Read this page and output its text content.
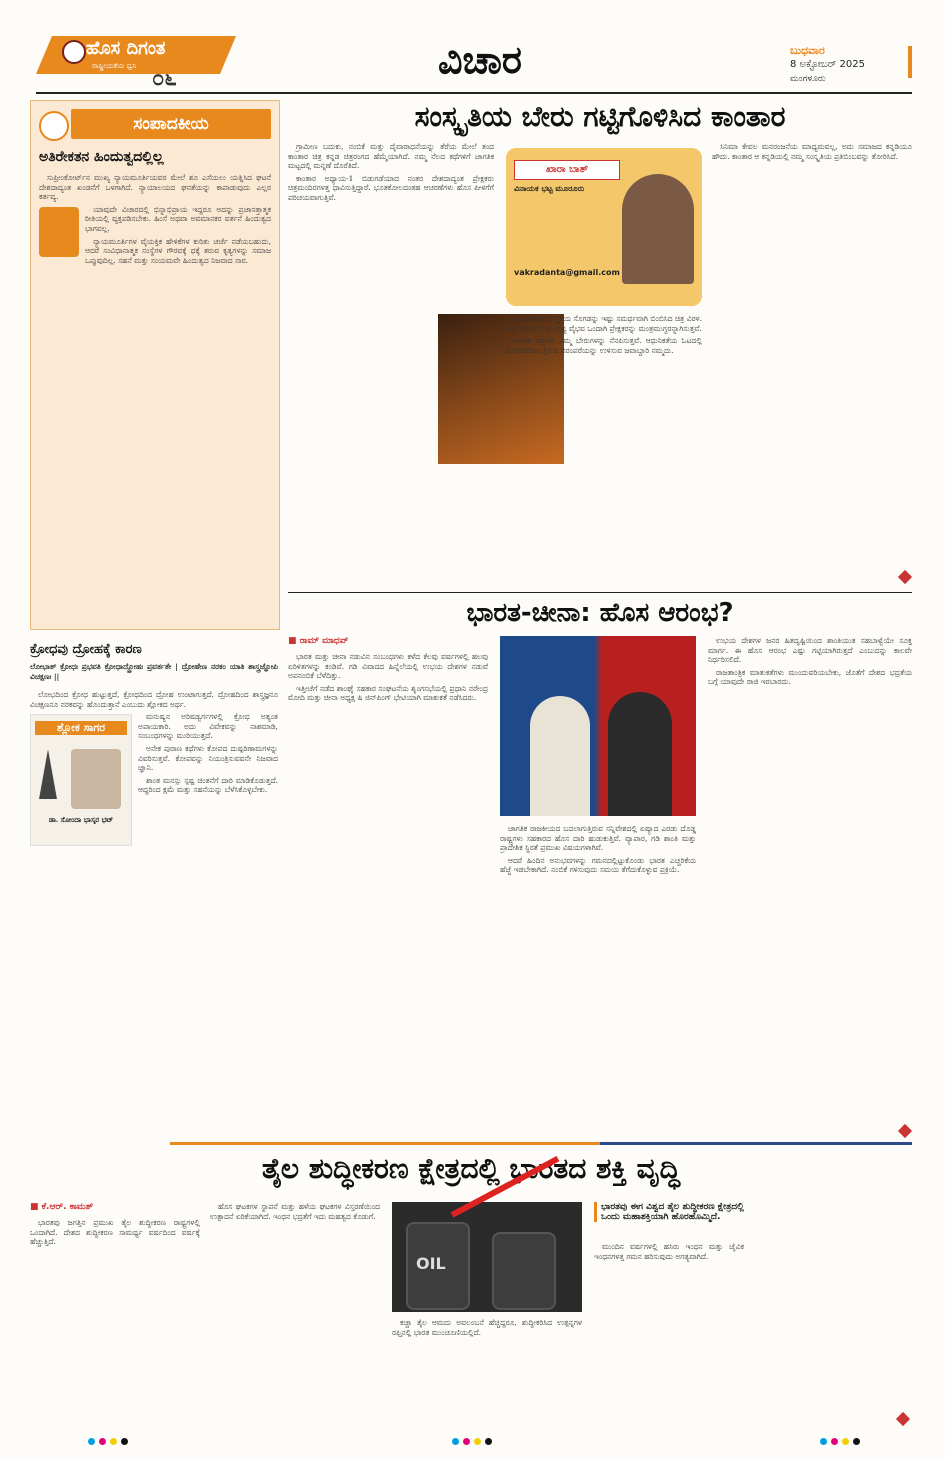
ಹೊಸ ದಿಗಂತ
ರಾಷ್ಟ್ರೀಯತೆಯ ಧ್ವನಿ ೦೬	ವಿಚಾರ	ಬುಧವಾರ
8 ಅಕ್ಟೋಬರ್ 2025
ಮಂಗಳೂರು
ಸಂಪಾದಕೀಯ
ಅತಿರೇಕತನ ಹಿಂದುತ್ವದಲ್ಲಿಲ್ಲ

ಸುಪ್ರೀಂಕೋರ್ಟ್‌ನ ಮುಖ್ಯ ನ್ಯಾಯಮೂರ್ತಿಯವರ ಮೇಲೆ ಶೂ ಎಸೆಯಲು ಯತ್ನಿಸಿದ ಘಟನೆ ದೇಶದಾದ್ಯಂತ ಖಂಡನೆಗೆ ಒಳಗಾಗಿದೆ. ನ್ಯಾಯಾಲಯದ ಘನತೆಯನ್ನು ಕಾಪಾಡುವುದು ಎಲ್ಲರ ಕರ್ತವ್ಯ.

ಯಾವುದೇ ವಿಚಾರದಲ್ಲಿ ಭಿನ್ನಾಭಿಪ್ರಾಯ ಇದ್ದರೂ ಅದನ್ನು ಪ್ರಜಾಸತ್ತಾತ್ಮಕ ರೀತಿಯಲ್ಲಿ ವ್ಯಕ್ತಪಡಿಸಬೇಕು. ಹಿಂಸೆ ಅಥವಾ ಅವಮಾನಕರ ವರ್ತನೆ ಹಿಂದುತ್ವದ ಭಾಗವಲ್ಲ.

ನ್ಯಾಯಮೂರ್ತಿಗಳ ವೈಯಕ್ತಿಕ ಹೇಳಿಕೆಗಳ ಕುರಿತು ಚರ್ಚೆ ನಡೆಯಬಹುದು, ಆದರೆ ಸಂವಿಧಾನಾತ್ಮಕ ಸಂಸ್ಥೆಗಳ ಗೌರವಕ್ಕೆ ಧಕ್ಕೆ ತರುವ ಕೃತ್ಯಗಳನ್ನು ಸಮಾಜ ಒಪ್ಪುವುದಿಲ್ಲ. ಸಹನೆ ಮತ್ತು ಸಂಯಮವೇ ಹಿಂದುತ್ವದ ನಿಜವಾದ ಸಾರ.

ಕ್ರೋಧವು ದ್ರೋಹಕ್ಕೆ ಕಾರಣ
ಲೋಭಾತ್ ಕ್ರೋಧಃ ಪ್ರಭವತಿ ಕ್ರೋಧಾದ್ದ್ರೋಹಃ ಪ್ರವರ್ತತೇ | ದ್ರೋಹೇಣ ನರಕಂ ಯಾತಿ ಶಾಸ್ತ್ರಜ್ಞೋಪಿ ವಿಚಕ್ಷಣಃ ||

ಲೋಭದಿಂದ ಕ್ರೋಧ ಹುಟ್ಟುತ್ತದೆ, ಕ್ರೋಧದಿಂದ ದ್ರೋಹ ಉಂಟಾಗುತ್ತದೆ. ದ್ರೋಹದಿಂದ ಶಾಸ್ತ್ರಜ್ಞನೂ ವಿಚಕ್ಷಣನೂ ನರಕವನ್ನು ಹೊಂದುತ್ತಾನೆ ಎಂಬುದು ಶ್ಲೋಕದ ಅರ್ಥ.

ಶ್ಲೋಕ ಸಾಗರ
ಡಾ. ಸೋಂದಾ ಭಾಸ್ಕರ ಭಟ್

ಮನುಷ್ಯನ ಅರಿಷಡ್ವರ್ಗಗಳಲ್ಲಿ ಕ್ರೋಧ ಅತ್ಯಂತ ಅಪಾಯಕಾರಿ. ಅದು ವಿವೇಕವನ್ನು ನಾಶಮಾಡಿ, ಸಂಬಂಧಗಳನ್ನು ಮುರಿಯುತ್ತದೆ.

ಅನೇಕ ಪುರಾಣ ಕಥೆಗಳು ಕೋಪದ ದುಷ್ಪರಿಣಾಮಗಳನ್ನು ವಿವರಿಸುತ್ತವೆ. ಕೋಪವನ್ನು ನಿಯಂತ್ರಿಸುವವನೇ ನಿಜವಾದ ಜ್ಞಾನಿ.

ಶಾಂತ ಮನಸ್ಸು ಸ್ಪಷ್ಟ ಚಿಂತನೆಗೆ ದಾರಿ ಮಾಡಿಕೊಡುತ್ತದೆ. ಆದ್ದರಿಂದ ಕ್ಷಮೆ ಮತ್ತು ಸಹನೆಯನ್ನು ಬೆಳೆಸಿಕೊಳ್ಳಬೇಕು.

ಸಂಸ್ಕೃತಿಯ ಬೇರು ಗಟ್ಟಿಗೊಳಿಸಿದ ಕಾಂತಾರ

ಗ್ರಾಮೀಣ ಬದುಕು, ನಂಬಿಕೆ ಮತ್ತು ದೈವಾರಾಧನೆಯನ್ನು ತೆರೆಯ ಮೇಲೆ ತಂದ ಕಾಂತಾರ ಚಿತ್ರ ಕನ್ನಡ ಚಿತ್ರರಂಗದ ಹೆಮ್ಮೆಯಾಗಿದೆ. ನಮ್ಮ ನೆಲದ ಕಥೆಗಳಿಗೆ ಜಾಗತಿಕ ಮಟ್ಟದಲ್ಲಿ ಮನ್ನಣೆ ದೊರೆತಿದೆ.

ಕಾಂತಾರ ಅಧ್ಯಾಯ-1 ಬಿಡುಗಡೆಯಾದ ನಂತರ ದೇಶದಾದ್ಯಂತ ಪ್ರೇಕ್ಷಕರು ಚಿತ್ರಮಂದಿರಗಳತ್ತ ಧಾವಿಸುತ್ತಿದ್ದಾರೆ. ಭೂತಕೋಲದಂತಹ ಆಚರಣೆಗಳು ಹೊಸ ಪೀಳಿಗೆಗೆ ಪರಿಚಯವಾಗುತ್ತಿವೆ.

ಖಾರಾ ಬಾತ್
ವಿನಾಯಕ ಭಟ್ಟ ಮೂರೂರು
vakradanta@gmail.com

ತುಳುನಾಡಿನ ಸಂಸ್ಕೃತಿಯ ಸೊಗಡನ್ನು ಇಷ್ಟು ಸಮರ್ಥವಾಗಿ ಬಿಂಬಿಸಿದ ಚಿತ್ರ ವಿರಳ. ಕಲೆ, ಸಂಗೀತ ಮತ್ತು ದೃಶ್ಯ ವೈಭವ ಒಂದಾಗಿ ಪ್ರೇಕ್ಷಕರನ್ನು ಮಂತ್ರಮುಗ್ಧರನ್ನಾಗಿಸುತ್ತವೆ.

ಇಂತಹ ಚಿತ್ರಗಳು ನಮ್ಮ ಬೇರುಗಳನ್ನು ನೆನಪಿಸುತ್ತವೆ. ಆಧುನಿಕತೆಯ ಓಟದಲ್ಲಿ ಮರೆತುಹೋಗುತ್ತಿರುವ ಪರಂಪರೆಯನ್ನು ಉಳಿಸುವ ಜವಾಬ್ದಾರಿ ನಮ್ಮದು.

ಸಿನಿಮಾ ಕೇವಲ ಮನರಂಜನೆಯ ಮಾಧ್ಯಮವಲ್ಲ, ಅದು ಸಮಾಜದ ಕನ್ನಡಿಯೂ ಹೌದು. ಕಾಂತಾರ ಆ ಕನ್ನಡಿಯಲ್ಲಿ ನಮ್ಮ ಸಂಸ್ಕೃತಿಯ ಪ್ರತಿಬಿಂಬವನ್ನು ತೋರಿಸಿದೆ.

ಭಾರತ-ಚೀನಾ: ಹೊಸ ಆರಂಭ?
■ ರಾಮ್ ಮಾಧವ್

ಭಾರತ ಮತ್ತು ಚೀನಾ ನಡುವಿನ ಸಂಬಂಧಗಳು ಕಳೆದ ಕೆಲವು ವರ್ಷಗಳಲ್ಲಿ ಹಲವು ಏರಿಳಿತಗಳನ್ನು ಕಂಡಿವೆ. ಗಡಿ ವಿವಾದದ ಹಿನ್ನೆಲೆಯಲ್ಲಿ ಉಭಯ ದೇಶಗಳ ನಡುವೆ ಅಪನಂಬಿಕೆ ಬೆಳೆದಿತ್ತು.

ಇತ್ತೀಚೆಗೆ ನಡೆದ ಶಾಂಘೈ ಸಹಕಾರ ಸಂಘಟನೆಯ ಶೃಂಗಸಭೆಯಲ್ಲಿ ಪ್ರಧಾನಿ ನರೇಂದ್ರ ಮೋದಿ ಮತ್ತು ಚೀನಾ ಅಧ್ಯಕ್ಷ ಷಿ ಜಿನ್‌ಪಿಂಗ್ ಭೇಟಿಯಾಗಿ ಮಾತುಕತೆ ನಡೆಸಿದರು.

ಜಾಗತಿಕ ರಾಜಕೀಯದ ಬದಲಾಗುತ್ತಿರುವ ಸನ್ನಿವೇಶದಲ್ಲಿ ಏಷ್ಯಾದ ಎರಡು ದೊಡ್ಡ ರಾಷ್ಟ್ರಗಳು ಸಹಕಾರದ ಹೊಸ ದಾರಿ ಹುಡುಕುತ್ತಿವೆ. ವ್ಯಾಪಾರ, ಗಡಿ ಶಾಂತಿ ಮತ್ತು ಪ್ರಾದೇಶಿಕ ಸ್ಥಿರತೆ ಪ್ರಮುಖ ವಿಷಯಗಳಾಗಿವೆ.

ಆದರೆ ಹಿಂದಿನ ಅನುಭವಗಳನ್ನು ಗಮನದಲ್ಲಿಟ್ಟುಕೊಂಡು ಭಾರತ ಎಚ್ಚರಿಕೆಯ ಹೆಜ್ಜೆ ಇಡಬೇಕಾಗಿದೆ. ನಂಬಿಕೆ ಗಳಿಸುವುದು ಸಮಯ ತೆಗೆದುಕೊಳ್ಳುವ ಪ್ರಕ್ರಿಯೆ.

ಉಭಯ ದೇಶಗಳ ಜನರ ಹಿತದೃಷ್ಟಿಯಿಂದ ಶಾಂತಿಯುತ ಸಹಬಾಳ್ವೆಯೇ ಸೂಕ್ತ ಮಾರ್ಗ. ಈ ಹೊಸ ಆರಂಭ ಎಷ್ಟು ಗಟ್ಟಿಯಾಗಿರುತ್ತದೆ ಎಂಬುದನ್ನು ಕಾಲವೇ ನಿರ್ಧರಿಸಲಿದೆ.

ರಾಜತಾಂತ್ರಿಕ ಮಾತುಕತೆಗಳು ಮುಂದುವರಿಯಬೇಕು, ಜೊತೆಗೆ ದೇಶದ ಭದ್ರತೆಯ ಬಗ್ಗೆ ಯಾವುದೇ ರಾಜಿ ಇರಬಾರದು.

ತೈಲ ಶುದ್ಧೀಕರಣ ಕ್ಷೇತ್ರದಲ್ಲಿ ಭಾರತದ ಶಕ್ತಿ ವೃದ್ಧಿ
■ ಕೆ.ಆರ್. ಕಾಮತ್

ಭಾರತವು ಜಗತ್ತಿನ ಪ್ರಮುಖ ತೈಲ ಶುದ್ಧೀಕರಣ ರಾಷ್ಟ್ರಗಳಲ್ಲಿ ಒಂದಾಗಿದೆ. ದೇಶದ ಶುದ್ಧೀಕರಣ ಸಾಮರ್ಥ್ಯ ವರ್ಷದಿಂದ ವರ್ಷಕ್ಕೆ ಹೆಚ್ಚುತ್ತಿದೆ.

ಹೊಸ ಘಟಕಗಳ ಸ್ಥಾಪನೆ ಮತ್ತು ಹಳೆಯ ಘಟಕಗಳ ವಿಸ್ತರಣೆಯಿಂದ ಉತ್ಪಾದನೆ ಏರಿಕೆಯಾಗಿದೆ. ಇಂಧನ ಭದ್ರತೆಗೆ ಇದು ಮಹತ್ವದ ಕೊಡುಗೆ.

OIL

ಕಚ್ಚಾ ತೈಲ ಆಮದು ಅವಲಂಬನೆ ಹೆಚ್ಚಿದ್ದರೂ, ಶುದ್ಧೀಕರಿಸಿದ ಉತ್ಪನ್ನಗಳ ರಫ್ತಿನಲ್ಲಿ ಭಾರತ ಮುಂಚೂಣಿಯಲ್ಲಿದೆ.

ಭಾರತವು ಈಗ ವಿಶ್ವದ ತೈಲ ಶುದ್ಧೀಕರಣ ಕ್ಷೇತ್ರದಲ್ಲಿ ಒಂದು ಮಹಾಶಕ್ತಿಯಾಗಿ ಹೊರಹೊಮ್ಮಿದೆ.

ಮುಂದಿನ ವರ್ಷಗಳಲ್ಲಿ ಹಸಿರು ಇಂಧನ ಮತ್ತು ಜೈವಿಕ ಇಂಧನಗಳತ್ತ ಗಮನ ಹರಿಸುವುದು ಅಗತ್ಯವಾಗಿದೆ.
